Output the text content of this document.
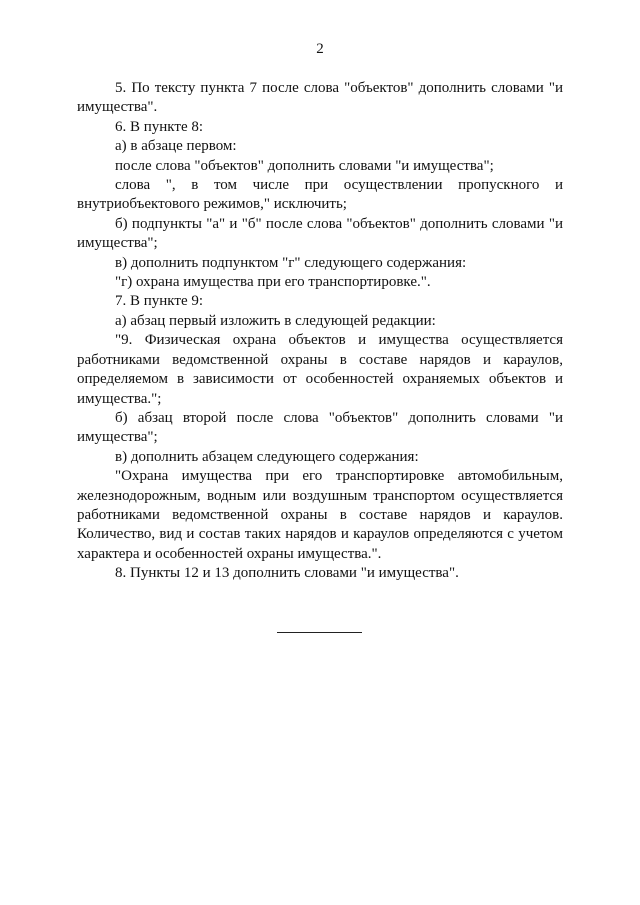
2

5. По тексту пункта 7 после слова "объектов" дополнить словами "и имущества".

6. В пункте 8:

а) в абзаце первом:

после слова "объектов" дополнить словами "и имущества";

слова ", в том числе при осуществлении пропускного и внутриобъектового режимов," исключить;

б) подпункты "а" и "б" после слова "объектов" дополнить словами "и имущества";

в) дополнить подпунктом "г" следующего содержания:

"г) охрана имущества при его транспортировке.".

7. В пункте 9:

а) абзац первый изложить в следующей редакции:

"9. Физическая охрана объектов и имущества осуществляется работниками ведомственной охраны в составе нарядов и караулов, определяемом в зависимости от особенностей охраняемых объектов и имущества.";

б) абзац второй после слова "объектов" дополнить словами "и имущества";

в) дополнить абзацем следующего содержания:

"Охрана имущества при его транспортировке автомобильным, железнодорожным, водным или воздушным транспортом осуществляется работниками ведомственной охраны в составе нарядов и караулов. Количество, вид и состав таких нарядов и караулов определяются с учетом характера и особенностей охраны имущества.".

8. Пункты 12 и 13 дополнить словами "и имущества".
